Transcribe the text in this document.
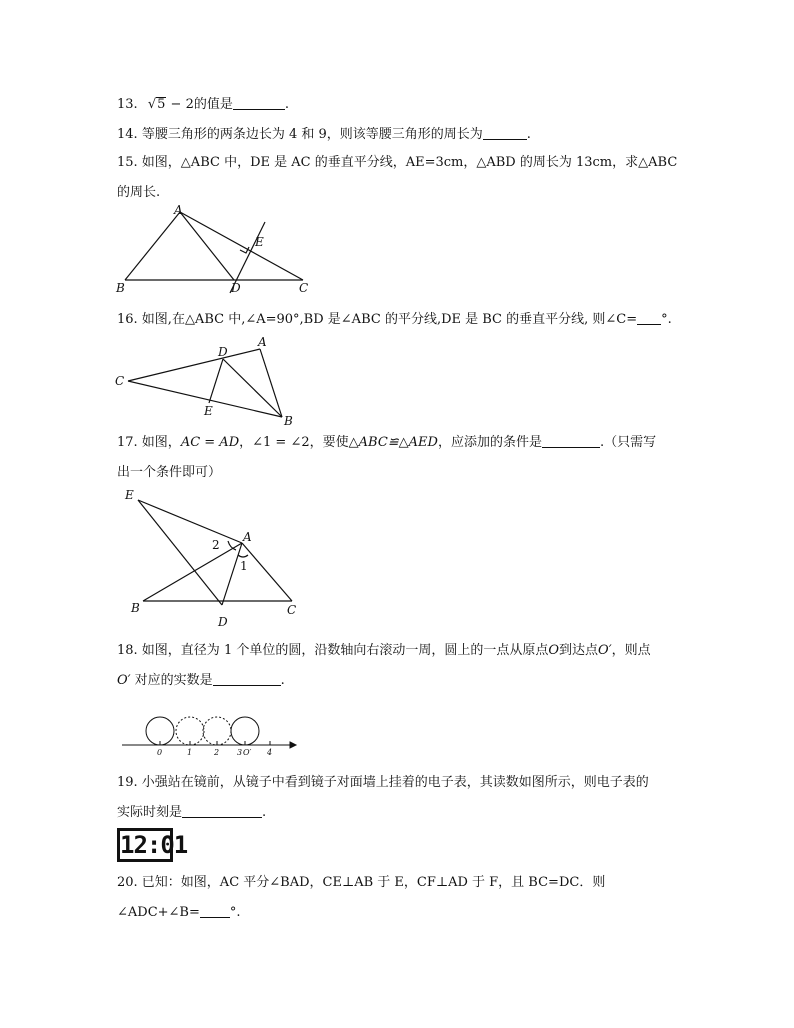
13. √5 − 2的值是	.
14. 等腰三角形的两条边长为 4 和 9，则该等腰三角形的周长为	.
15. 如图，△ABC 中，DE 是 AC 的垂直平分线，AE=3cm，△ABD 的周长为 13cm，求△ABC
的周长.
A
B	C
D
E
16. 如图,在△ABC 中,∠A=90°,BD 是∠ABC 的平分线,DE 是 BC 的垂直平分线, 则∠C= °.
A
B
C
D
E
17. 如图，AC = AD，∠1 = ∠2，要使△ABC≌△AED，应添加的条件是	.（只需写
出一个条件即可）
A
B	C
D
E
1
2
18. 如图，直径为 1 个单位的圆，沿数轴向右滚动一周，圆上的一点从原点O到达点O′，则点
O′ 对应的实数是	.
0	1	2 3 O′ 4
19. 小强站在镜前，从镜子中看到镜子对面墙上挂着的电子表，其读数如图所示，则电子表的
实际时刻是	.
12:01
20. 已知：如图，AC 平分∠BAD，CE⊥AB 于 E，CF⊥AD 于 F，且 BC=DC．则
∠ADC+∠B= °.
